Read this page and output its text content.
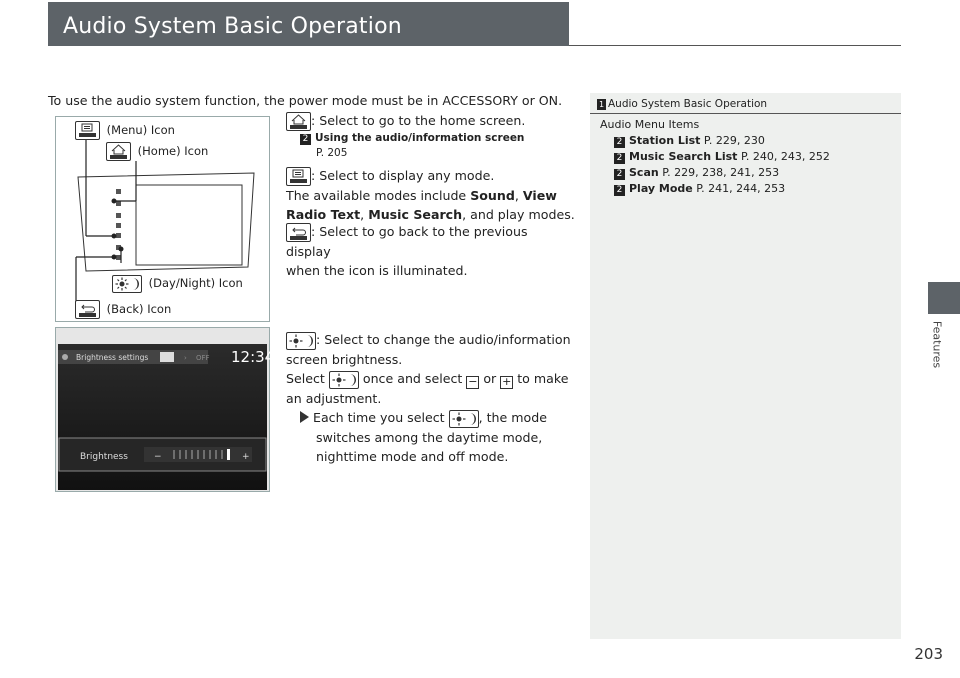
Audio System Basic Operation
Features
203
To use the audio system function, the power mode must be in ACCESSORY or ON.
(Menu) Icon
(Home) Icon
(Day/Night) Icon
(Back) Icon
Brightness settings	› OFF 12:34
Brightness	−	+
: Select to go to the home screen.
2 Using the audio/information screen
P. 205
: Select to display any mode.
The available modes include Sound, View
Radio Text, Music Search, and play modes.
: Select to go back to the previous display
when the icon is illuminated.
: Select to change the audio/information
screen brightness.
Select  once and select − or + to make
an adjustment.
Each time you select , the mode
switches among the daytime mode,
nighttime mode and off mode.
1 Audio System Basic Operation
Audio Menu Items
2 Station List P. 229, 230
2 Music Search List P. 240, 243, 252
2 Scan P. 229, 238, 241, 253
2 Play Mode P. 241, 244, 253
